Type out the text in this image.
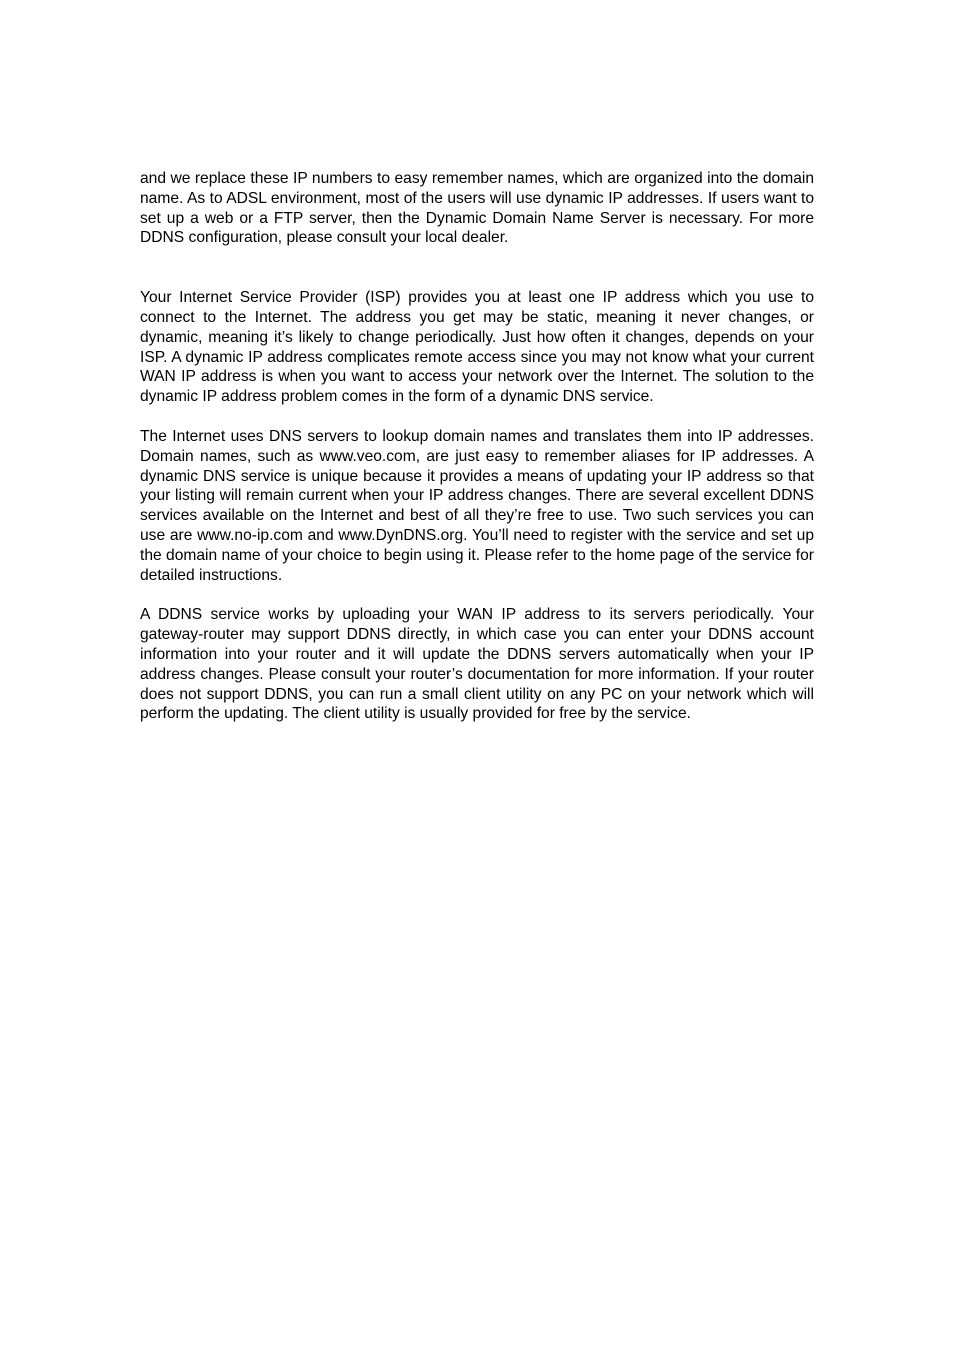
and we replace these IP numbers to easy remember names, which are organized into the domain name. As to ADSL environment, most of the users will use dynamic IP addresses. If users want to set up a web or a FTP server, then the Dynamic Domain Name Server is necessary. For more DDNS configuration, please consult your local dealer.

Your Internet Service Provider (ISP) provides you at least one IP address which you use to connect to the Internet. The address you get may be static, meaning it never changes, or dynamic, meaning it’s likely to change periodically. Just how often it changes, depends on your ISP. A dynamic IP address complicates remote access since you may not know what your current WAN IP address is when you want to access your network over the Internet. The solution to the dynamic IP address problem comes in the form of a dynamic DNS service.

The Internet uses DNS servers to lookup domain names and translates them into IP addresses. Domain names, such as www.veo.com, are just easy to remember aliases for IP addresses. A dynamic DNS service is unique because it provides a means of updating your IP address so that your listing will remain current when your IP address changes. There are several excellent DDNS services available on the Internet and best of all they’re free to use. Two such services you can use are www.no-ip.com and www.DynDNS.org. You’ll need to register with the service and set up the domain name of your choice to begin using it. Please refer to the home page of the service for detailed instructions.

A DDNS service works by uploading your WAN IP address to its servers periodically. Your gateway-router may support DDNS directly, in which case you can enter your DDNS account information into your router and it will update the DDNS servers automatically when your IP address changes. Please consult your router’s documentation for more information. If your router does not support DDNS, you can run a small client utility on any PC on your network which will perform the updating. The client utility is usually provided for free by the service.
